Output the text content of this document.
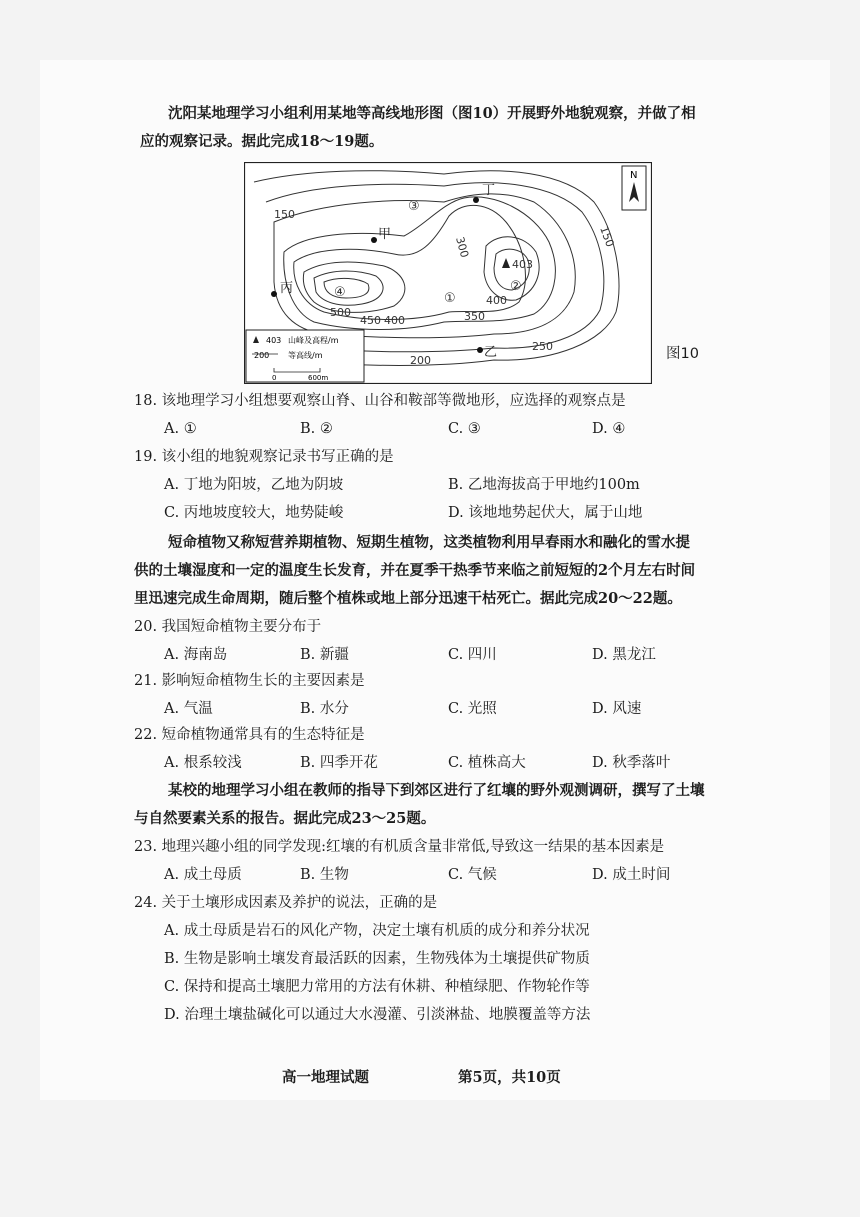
沈阳某地理学习小组利用某地等高线地形图（图10）开展野外地貌观察，并做了相
应的观察记录。据此完成18～19题。
N
150
300	150
403
500
450 400
400
350
250
200
①
②
③
④
甲
乙
丙
丁
403 山峰及高程/m
200 等高线/m
0	600m
图10
18. 该地理学习小组想要观察山脊、山谷和鞍部等微地形，应选择的观察点是
A. ①	B. ②	C. ③	D. ④
19. 该小组的地貌观察记录书写正确的是
A. 丁地为阳坡，乙地为阴坡	B. 乙地海拔高于甲地约100m
C. 丙地坡度较大，地势陡峻	D. 该地地势起伏大，属于山地
短命植物又称短营养期植物、短期生植物，这类植物利用早春雨水和融化的雪水提
供的土壤湿度和一定的温度生长发育，并在夏季干热季节来临之前短短的2个月左右时间
里迅速完成生命周期，随后整个植株或地上部分迅速干枯死亡。据此完成20～22题。
20. 我国短命植物主要分布于
A. 海南岛	B. 新疆	C. 四川	D. 黑龙江
21. 影响短命植物生长的主要因素是
A. 气温	B. 水分	C. 光照	D. 风速
22. 短命植物通常具有的生态特征是
A. 根系较浅	B. 四季开花	C. 植株高大	D. 秋季落叶
某校的地理学习小组在教师的指导下到郊区进行了红壤的野外观测调研，撰写了土壤
与自然要素关系的报告。据此完成23～25题。
23. 地理兴趣小组的同学发现:红壤的有机质含量非常低,导致这一结果的基本因素是
A. 成土母质	B. 生物	C. 气候	D. 成土时间
24. 关于土壤形成因素及养护的说法，正确的是
A. 成土母质是岩石的风化产物，决定土壤有机质的成分和养分状况
B. 生物是影响土壤发育最活跃的因素，生物残体为土壤提供矿物质
C. 保持和提高土壤肥力常用的方法有休耕、种植绿肥、作物轮作等
D. 治理土壤盐碱化可以通过大水漫灌、引淡淋盐、地膜覆盖等方法
高一地理试题	第5页，共10页
